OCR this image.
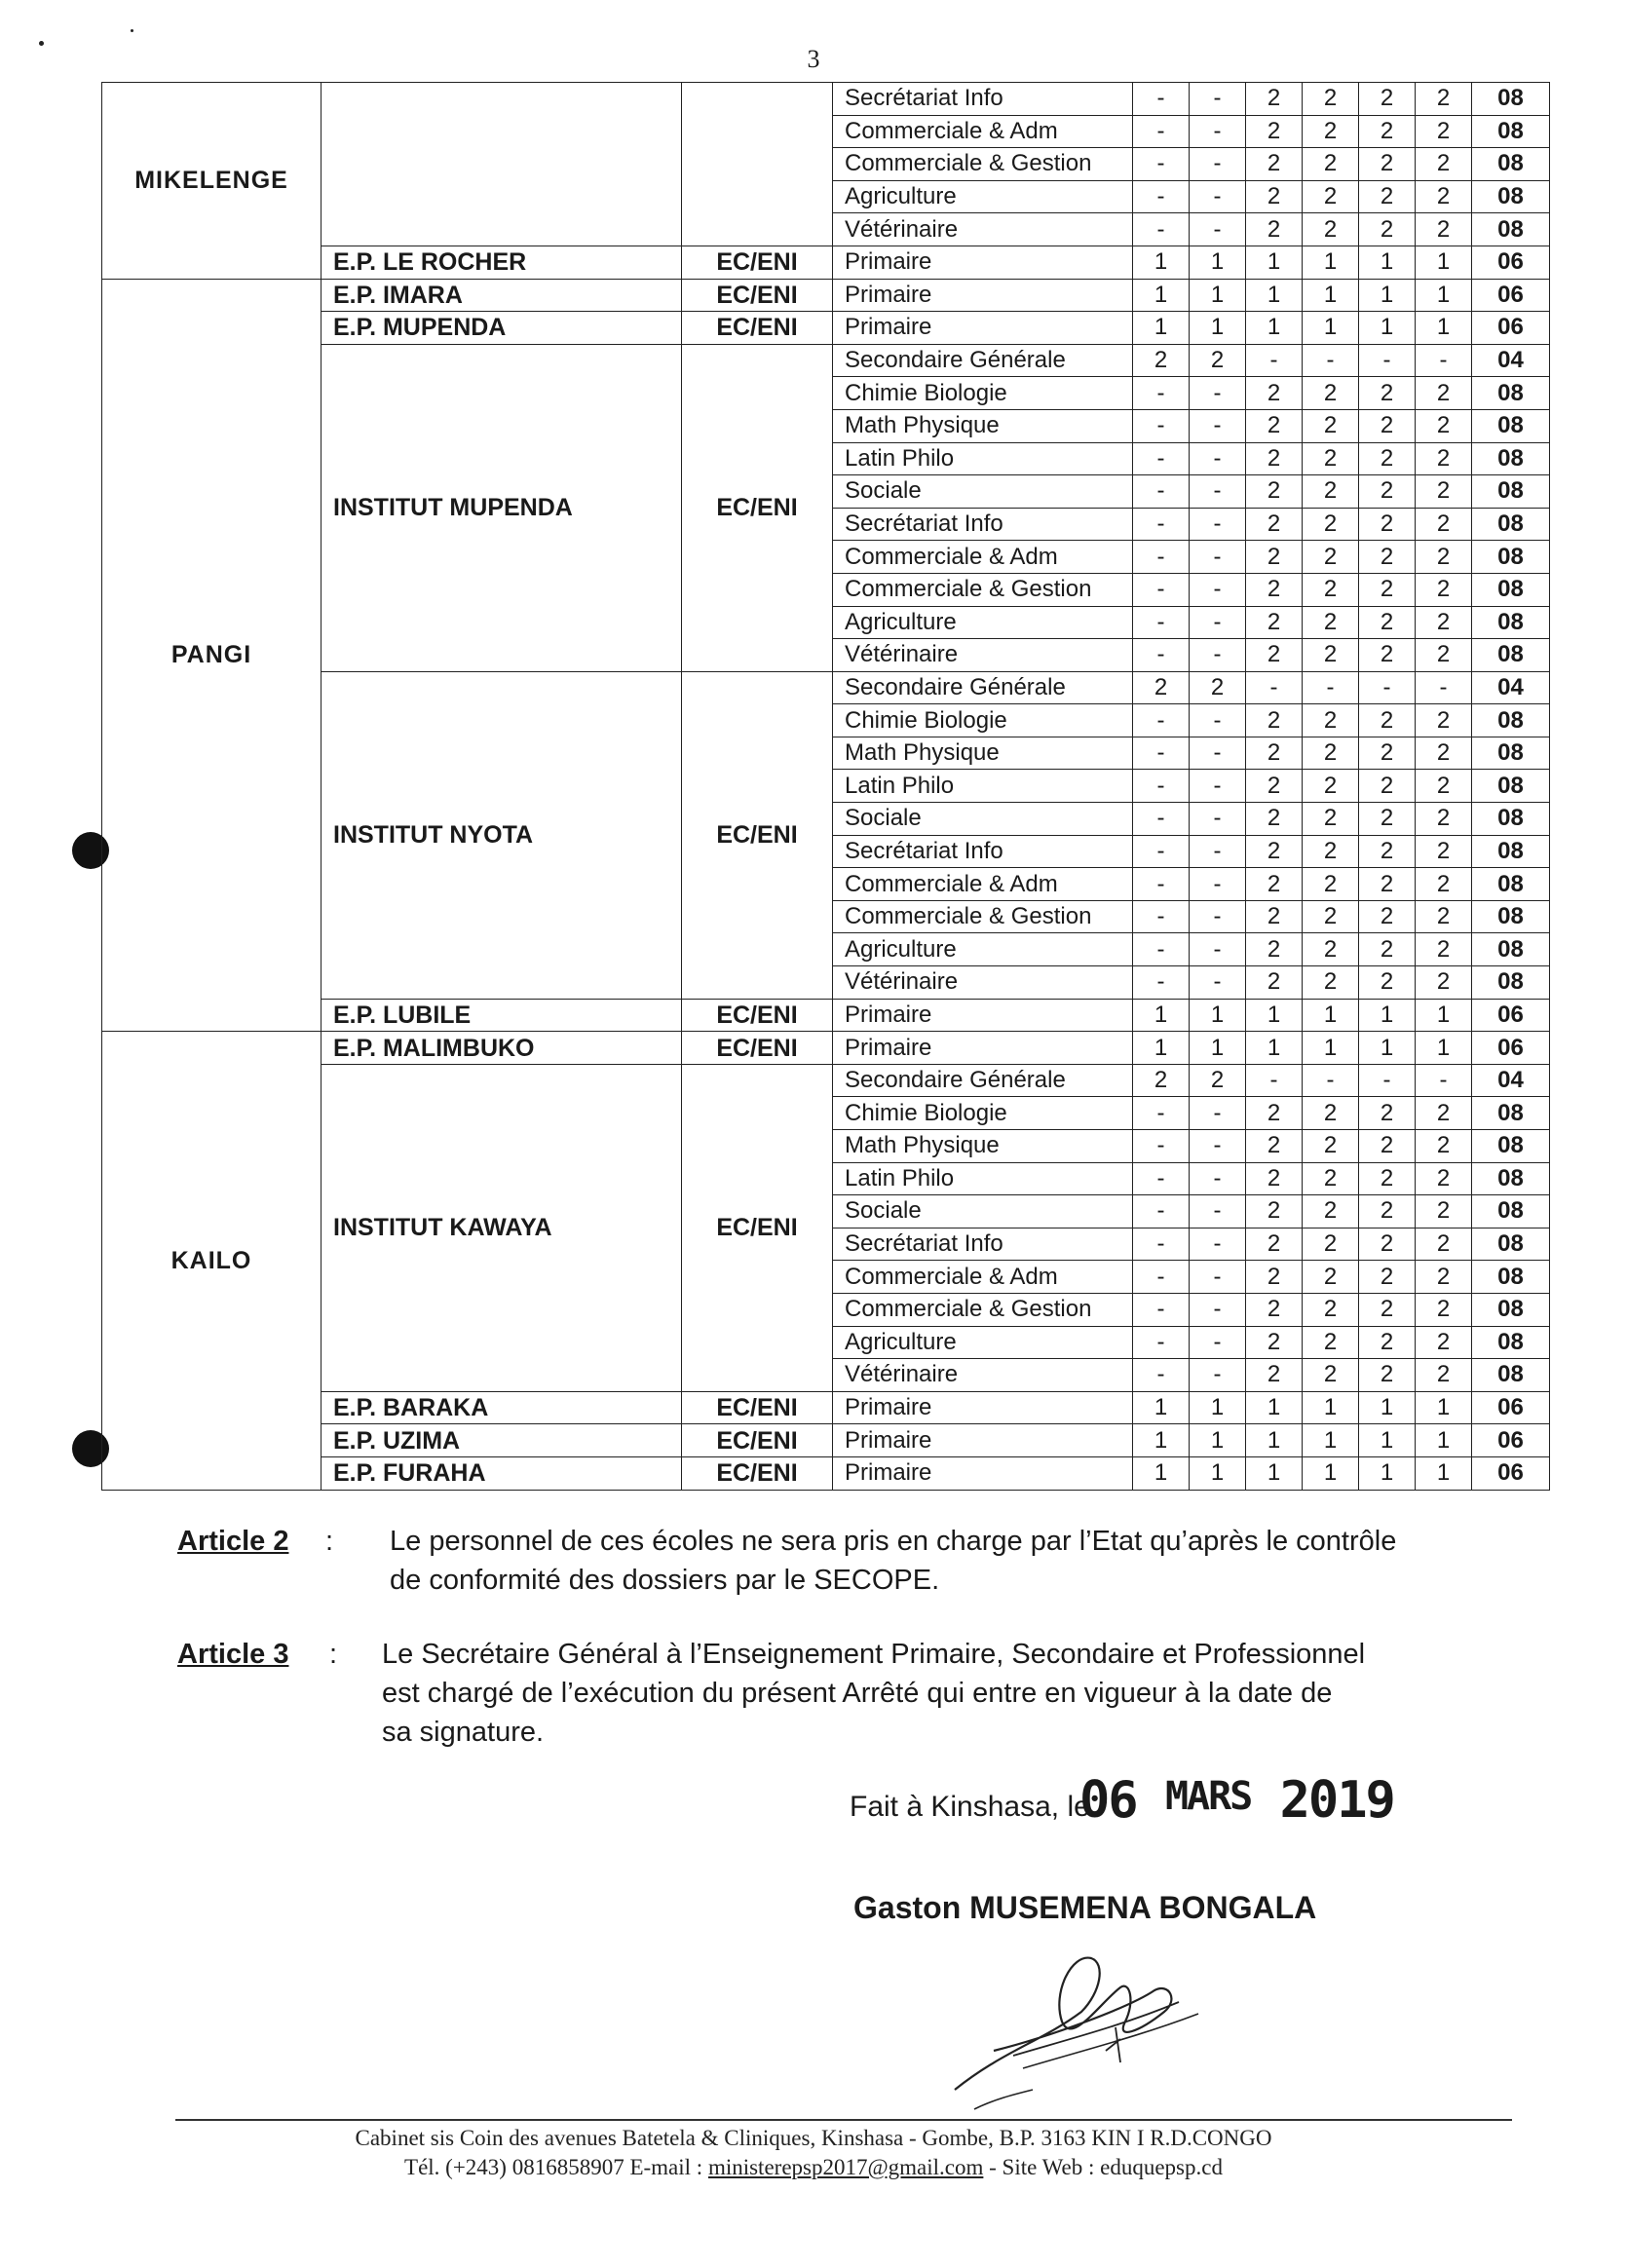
3
MIKELENGE			Secrétariat Info	-	-	2	2	2	2	08
			Commerciale & Adm	-	-	2	2	2	2	08
			Commerciale & Gestion	-	-	2	2	2	2	08
			Agriculture	-	-	2	2	2	2	08
			Vétérinaire	-	-	2	2	2	2	08
	E.P. LE ROCHER	EC/ENI	Primaire	1	1	1	1	1	1	06
PANGI	E.P. IMARA	EC/ENI	Primaire	1	1	1	1	1	1	06
	E.P. MUPENDA	EC/ENI	Primaire	1	1	1	1	1	1	06
	INSTITUT MUPENDA	EC/ENI	Secondaire Générale	2	2	-	-	-	-	04
			Chimie Biologie	-	-	2	2	2	2	08
			Math Physique	-	-	2	2	2	2	08
			Latin Philo	-	-	2	2	2	2	08
			Sociale	-	-	2	2	2	2	08
			Secrétariat Info	-	-	2	2	2	2	08
			Commerciale & Adm	-	-	2	2	2	2	08
			Commerciale & Gestion	-	-	2	2	2	2	08
			Agriculture	-	-	2	2	2	2	08
			Vétérinaire	-	-	2	2	2	2	08
	INSTITUT NYOTA	EC/ENI	Secondaire Générale	2	2	-	-	-	-	04
			Chimie Biologie	-	-	2	2	2	2	08
			Math Physique	-	-	2	2	2	2	08
			Latin Philo	-	-	2	2	2	2	08
			Sociale	-	-	2	2	2	2	08
			Secrétariat Info	-	-	2	2	2	2	08
			Commerciale & Adm	-	-	2	2	2	2	08
			Commerciale & Gestion	-	-	2	2	2	2	08
			Agriculture	-	-	2	2	2	2	08
			Vétérinaire	-	-	2	2	2	2	08
	E.P. LUBILE	EC/ENI	Primaire	1	1	1	1	1	1	06
KAILO	E.P. MALIMBUKO	EC/ENI	Primaire	1	1	1	1	1	1	06
	INSTITUT KAWAYA	EC/ENI	Secondaire Générale	2	2	-	-	-	-	04
			Chimie Biologie	-	-	2	2	2	2	08
			Math Physique	-	-	2	2	2	2	08
			Latin Philo	-	-	2	2	2	2	08
			Sociale	-	-	2	2	2	2	08
			Secrétariat Info	-	-	2	2	2	2	08
			Commerciale & Adm	-	-	2	2	2	2	08
			Commerciale & Gestion	-	-	2	2	2	2	08
			Agriculture	-	-	2	2	2	2	08
			Vétérinaire	-	-	2	2	2	2	08
	E.P. BARAKA	EC/ENI	Primaire	1	1	1	1	1	1	06
	E.P. UZIMA	EC/ENI	Primaire	1	1	1	1	1	1	06
	E.P. FURAHA	EC/ENI	Primaire	1	1	1	1	1	1	06
Article 2 : Le personnel de ces écoles ne sera pris en charge par l’Etat qu’après le contrôle
de conformité des dossiers par le SECOPE.
Article 3 : Le Secrétaire Général à l’Enseignement Primaire, Secondaire et Professionnel
est chargé de l’exécution du présent Arrêté qui entre en vigueur à la date de
sa signature.
Fait à Kinshasa, le
06 MARS 2019
Gaston MUSEMENA BONGALA
Cabinet sis Coin des avenues Batetela & Cliniques, Kinshasa - Gombe, B.P. 3163 KIN I R.D.CONGO
Tél. (+243) 0816858907 E-mail : ministerepsp2017@gmail.com - Site Web : eduquepsp.cd
